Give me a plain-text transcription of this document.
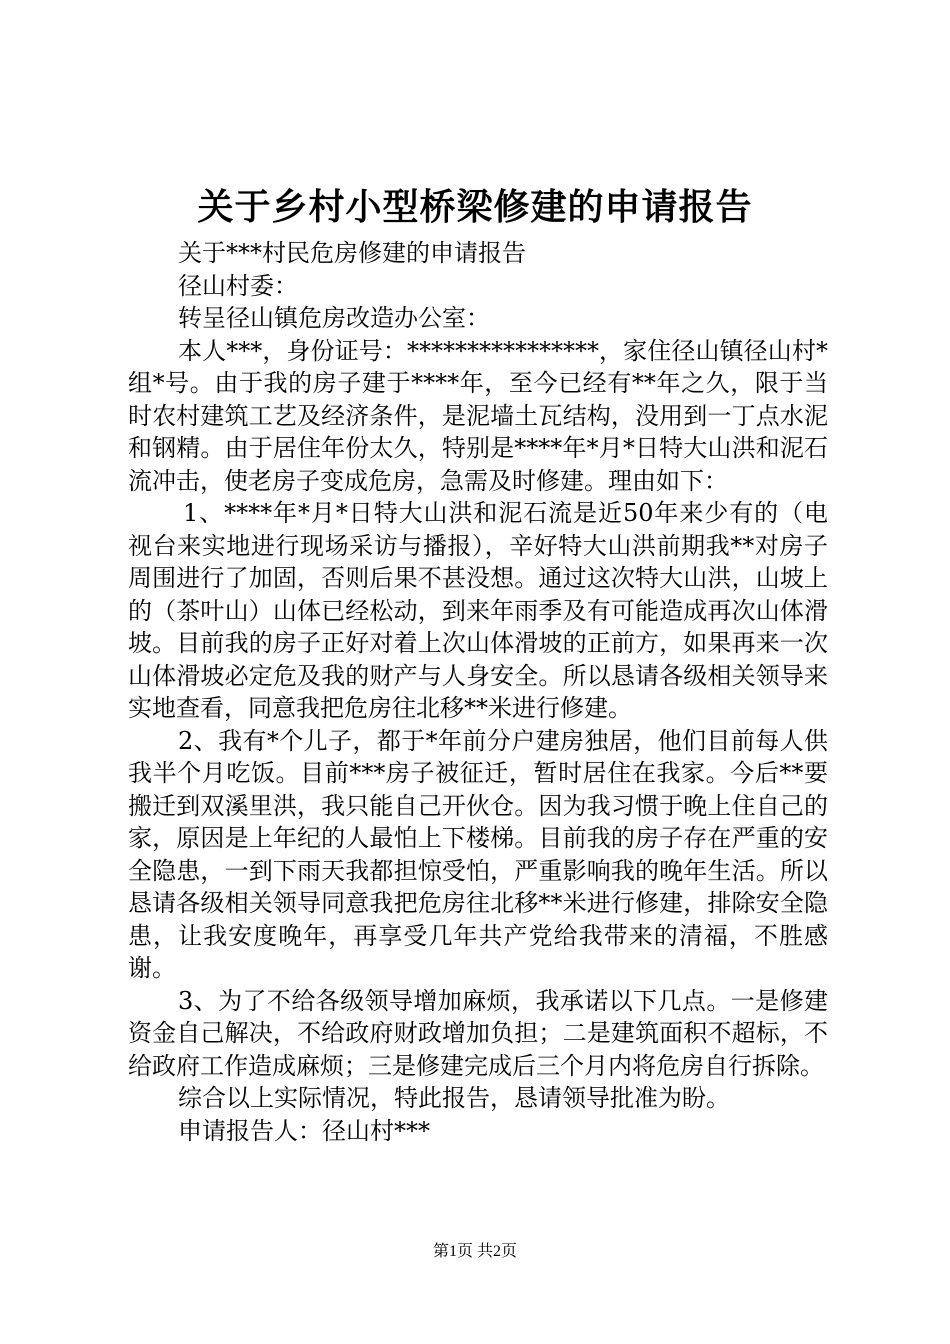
关于乡村小型桥梁修建的申请报告

关于***村民危房修建的申请报告

径山村委：

转呈径山镇危房改造办公室：

本人***，身份证号：****************，家住径山镇径山村*组*号。由于我的房子建于****年，至今已经有**年之久，限于当时农村建筑工艺及经济条件，是泥墙土瓦结构，没用到一丁点水泥和钢精。由于居住年份太久，特别是****年*月*日特大山洪和泥石流冲击，使老房子变成危房，急需及时修建。理由如下：

1、****年*月*日特大山洪和泥石流是近50年来少有的（电视台来实地进行现场采访与播报），辛好特大山洪前期我**对房子周围进行了加固，否则后果不甚没想。通过这次特大山洪，山坡上的（茶叶山）山体已经松动，到来年雨季及有可能造成再次山体滑坡。目前我的房子正好对着上次山体滑坡的正前方，如果再来一次山体滑坡必定危及我的财产与人身安全。所以恳请各级相关领导来实地查看，同意我把危房往北移**米进行修建。

2、我有*个儿子，都于*年前分户建房独居，他们目前每人供我半个月吃饭。目前***房子被征迁，暂时居住在我家。今后**要搬迁到双溪里洪，我只能自己开伙仓。因为我习惯于晚上住自己的家，原因是上年纪的人最怕上下楼梯。目前我的房子存在严重的安全隐患，一到下雨天我都担惊受怕，严重影响我的晚年生活。所以恳请各级相关领导同意我把危房往北移**米进行修建，排除安全隐患，让我安度晚年，再享受几年共产党给我带来的清福，不胜感谢。

3、为了不给各级领导增加麻烦，我承诺以下几点。一是修建资金自己解决，不给政府财政增加负担；二是建筑面积不超标，不给政府工作造成麻烦；三是修建完成后三个月内将危房自行拆除。

综合以上实际情况，特此报告，恳请领导批准为盼。

申请报告人：径山村***

第1页 共2页
